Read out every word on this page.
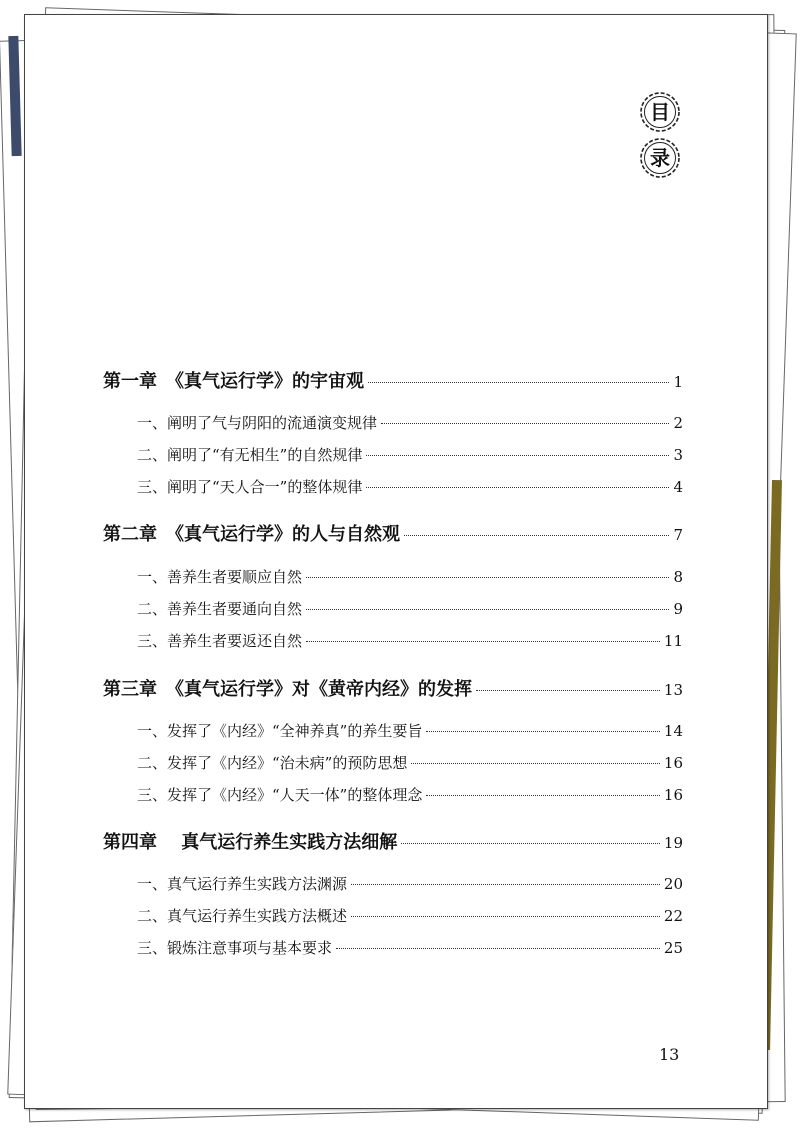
目
录
第一章　《真气运行学》的宇宙观	1
一、阐明了气与阴阳的流通演变规律	2
二、阐明了“有无相生”的自然规律	3
三、阐明了“天人合一”的整体规律	4
第二章　《真气运行学》的人与自然观	7
一、善养生者要顺应自然	8
二、善养生者要通向自然	9
三、善养生者要返还自然	11
第三章　《真气运行学》对《黄帝内经》的发挥	13
一、发挥了《内经》“全神养真”的养生要旨	14
二、发挥了《内经》“治未病”的预防思想	16
三、发挥了《内经》“人天一体”的整体理念	16
第四章　 真气运行养生实践方法细解	19
一、真气运行养生实践方法渊源	20
二、真气运行养生实践方法概述	22
三、锻炼注意事项与基本要求	25
13
